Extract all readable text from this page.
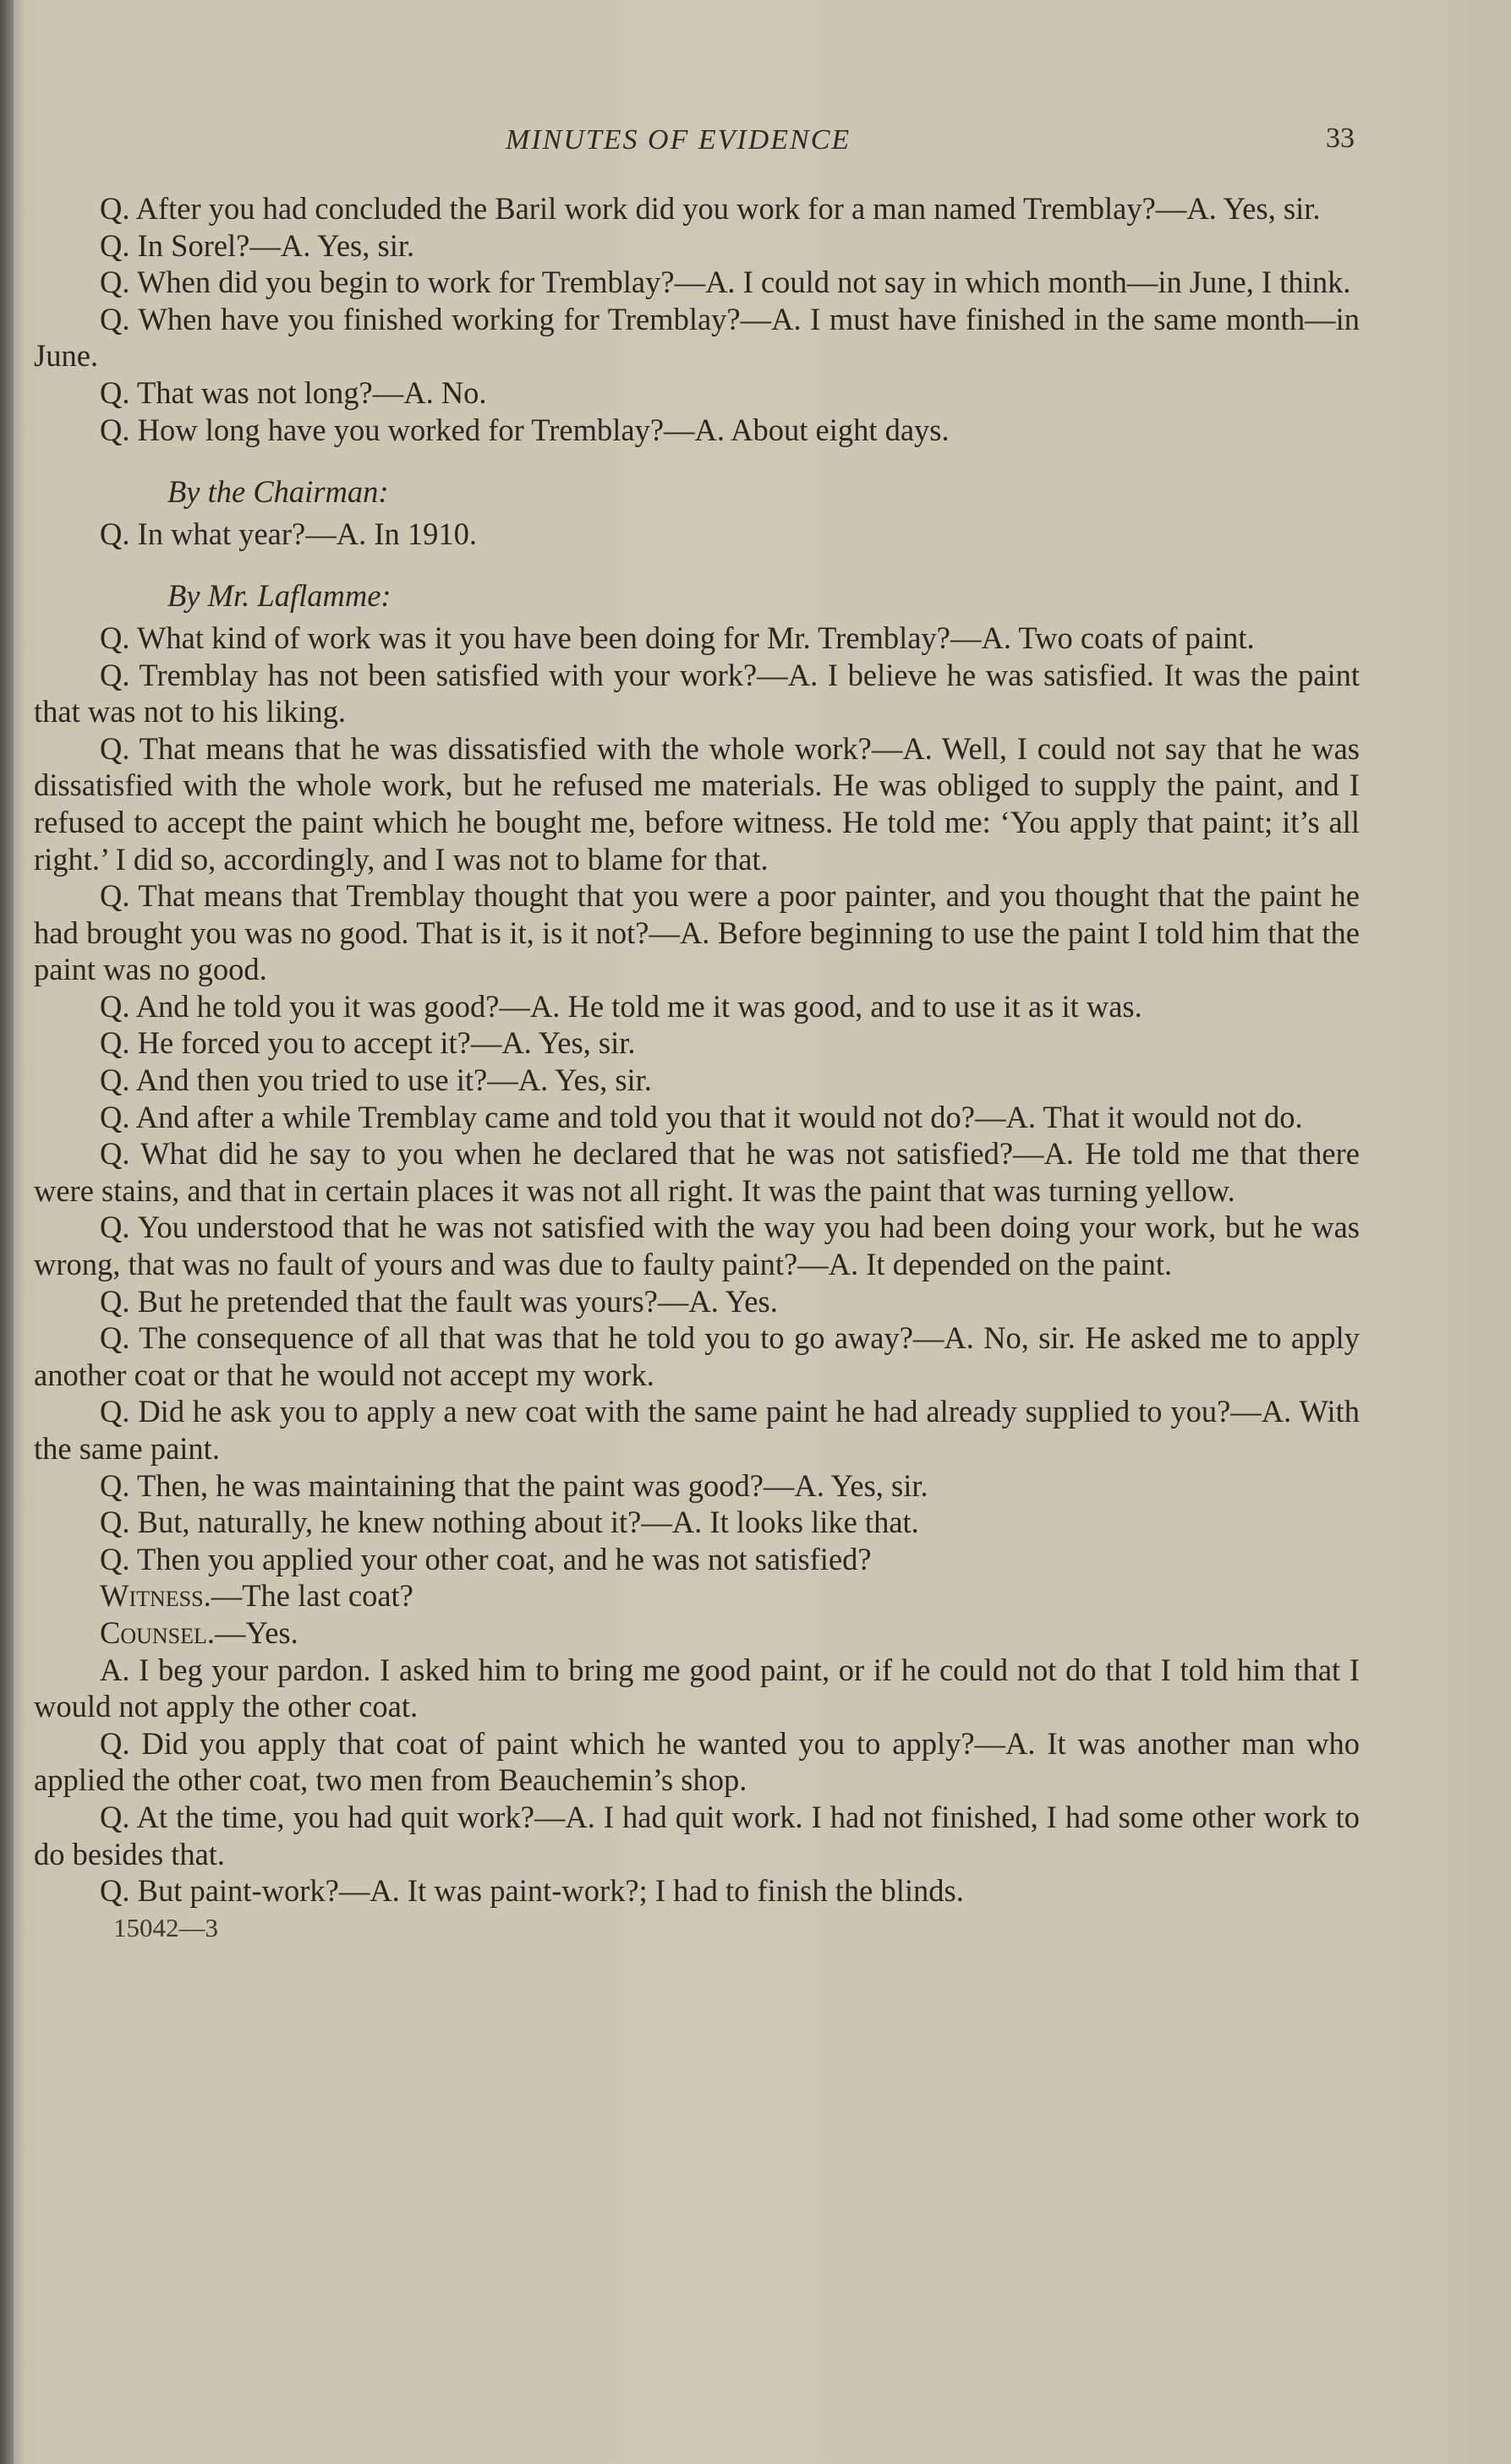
MINUTES OF EVIDENCE	33

Q. After you had concluded the Baril work did you work for a man named Tremblay?—A. Yes, sir.

Q. In Sorel?—A. Yes, sir.

Q. When did you begin to work for Tremblay?—A. I could not say in which month—in June, I think.

Q. When have you finished working for Tremblay?—A. I must have finished in the same month—in June.

Q. That was not long?—A. No.

Q. How long have you worked for Tremblay?—A. About eight days.

By the Chairman:

Q. In what year?—A. In 1910.

By Mr. Laflamme:

Q. What kind of work was it you have been doing for Mr. Tremblay?—A. Two coats of paint.

Q. Tremblay has not been satisfied with your work?—A. I believe he was satisfied. It was the paint that was not to his liking.

Q. That means that he was dissatisfied with the whole work?—A. Well, I could not say that he was dissatisfied with the whole work, but he refused me materials. He was obliged to supply the paint, and I refused to accept the paint which he bought me, before witness. He told me: ‘You apply that paint; it’s all right.’ I did so, accordingly, and I was not to blame for that.

Q. That means that Tremblay thought that you were a poor painter, and you thought that the paint he had brought you was no good. That is it, is it not?—A. Before beginning to use the paint I told him that the paint was no good.

Q. And he told you it was good?—A. He told me it was good, and to use it as it was.

Q. He forced you to accept it?—A. Yes, sir.

Q. And then you tried to use it?—A. Yes, sir.

Q. And after a while Tremblay came and told you that it would not do?—A. That it would not do.

Q. What did he say to you when he declared that he was not satisfied?—A. He told me that there were stains, and that in certain places it was not all right. It was the paint that was turning yellow.

Q. You understood that he was not satisfied with the way you had been doing your work, but he was wrong, that was no fault of yours and was due to faulty paint?—A. It depended on the paint.

Q. But he pretended that the fault was yours?—A. Yes.

Q. The consequence of all that was that he told you to go away?—A. No, sir. He asked me to apply another coat or that he would not accept my work.

Q. Did he ask you to apply a new coat with the same paint he had already supplied to you?—A. With the same paint.

Q. Then, he was maintaining that the paint was good?—A. Yes, sir.

Q. But, naturally, he knew nothing about it?—A. It looks like that.

Q. Then you applied your other coat, and he was not satisfied?

Witness.—The last coat?

Counsel.—Yes.

A. I beg your pardon. I asked him to bring me good paint, or if he could not do that I told him that I would not apply the other coat.

Q. Did you apply that coat of paint which he wanted you to apply?—A. It was another man who applied the other coat, two men from Beauchemin’s shop.

Q. At the time, you had quit work?—A. I had quit work. I had not finished, I had some other work to do besides that.

Q. But paint-work?—A. It was paint-work?; I had to finish the blinds.

15042—3
